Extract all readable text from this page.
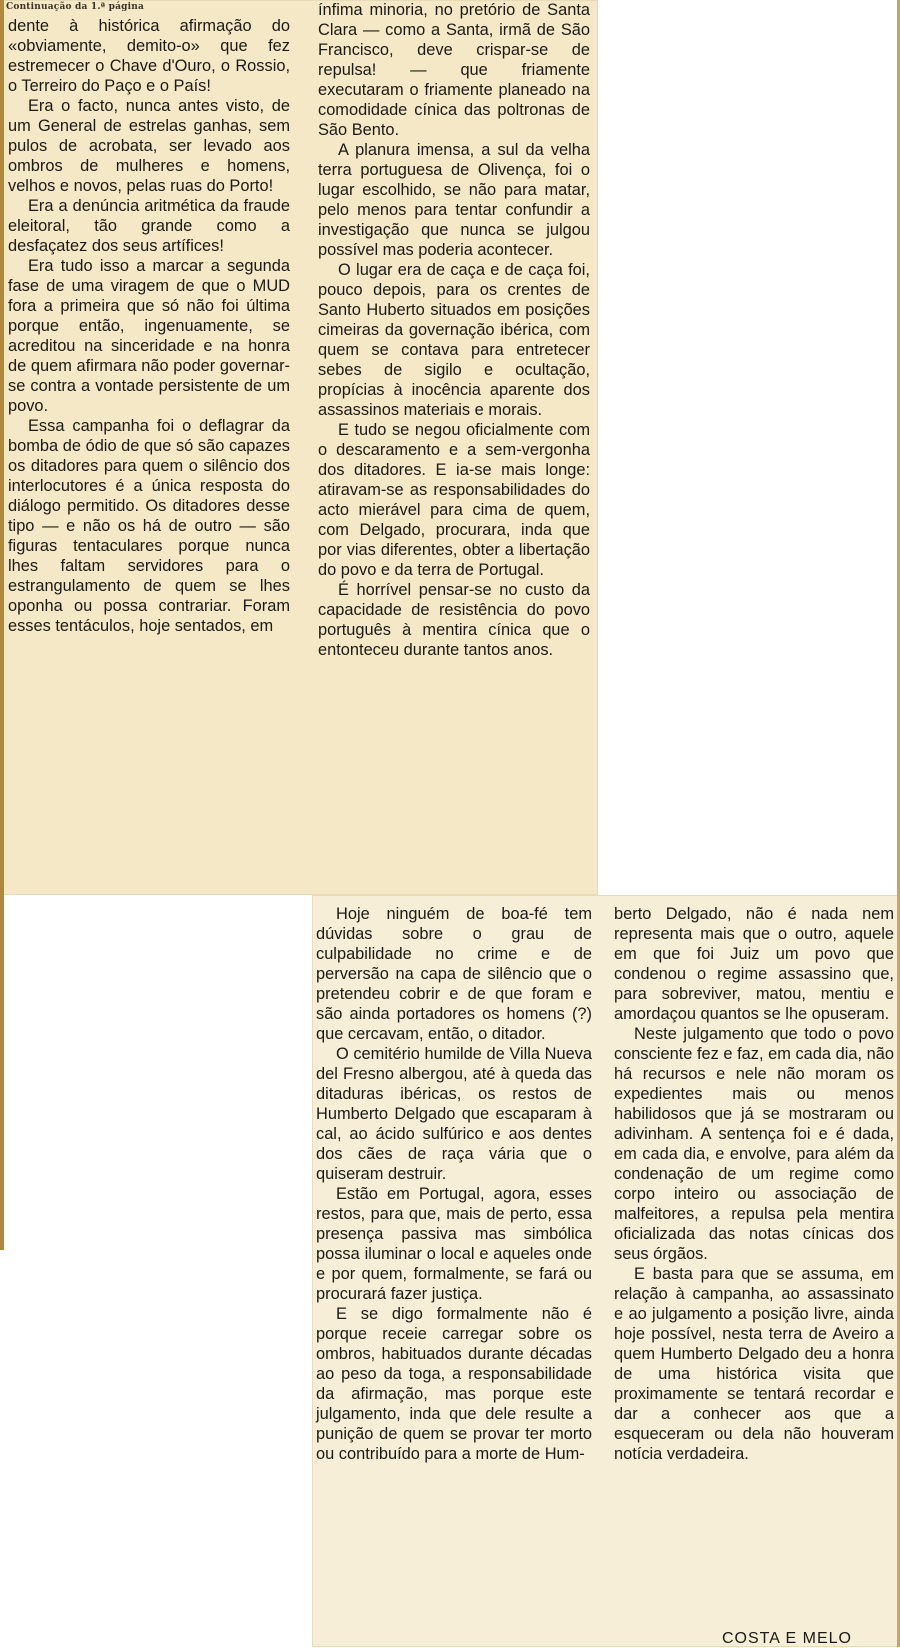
Continuação da 1.ª página

dente à histórica afirmação do «obviamente, demito-o» que fez estremecer o Chave d'Ouro, o Rossio, o Terreiro do Paço e o País!

Era o facto, nunca antes visto, de um General de estrelas ganhas, sem pulos de acrobata, ser levado aos ombros de mulheres e homens, velhos e novos, pelas ruas do Porto!

Era a denúncia aritmética da fraude eleitoral, tão grande como a desfaçatez dos seus artífices!

Era tudo isso a marcar a segunda fase de uma viragem de que o MUD fora a primeira que só não foi última porque então, ingenuamente, se acreditou na sinceridade e na honra de quem afirmara não poder governar-se contra a vontade persistente de um povo.

Essa campanha foi o deflagrar da bomba de ódio de que só são capazes os ditadores para quem o silêncio dos interlocutores é a única resposta do diálogo permitido. Os ditadores desse tipo — e não os há de outro — são figuras tentaculares porque nunca lhes faltam servidores para o estrangulamento de quem se lhes oponha ou possa contrariar. Foram esses tentáculos, hoje sentados, em

ínfima minoria, no pretório de Santa Clara — como a Santa, irmã de São Francisco, deve crispar-se de repulsa! — que friamente executaram o friamente planeado na comodidade cínica das poltronas de São Bento.

A planura imensa, a sul da velha terra portuguesa de Olivença, foi o lugar escolhido, se não para matar, pelo menos para tentar confundir a investigação que nunca se julgou possível mas poderia acontecer.

O lugar era de caça e de caça foi, pouco depois, para os crentes de Santo Huberto situados em posições cimeiras da governação ibérica, com quem se contava para entretecer sebes de sigilo e ocultação, propícias à inocência aparente dos assassinos materiais e morais.

E tudo se negou oficialmente com o descaramento e a sem-vergonha dos ditadores. E ia-se mais longe: atiravam-se as responsabilidades do acto mierável para cima de quem, com Delgado, procurara, inda que por vias diferentes, obter a libertação do povo e da terra de Portugal.

É horrível pensar-se no custo da capacidade de resistência do povo português à mentira cínica que o entonteceu durante tantos anos.

Hoje ninguém de boa-fé tem dúvidas sobre o grau de culpabilidade no crime e de perversão na capa de silêncio que o pretendeu cobrir e de que foram e são ainda portadores os homens (?) que cercavam, então, o ditador.

O cemitério humilde de Villa Nueva del Fresno albergou, até à queda das ditaduras ibéricas, os restos de Humberto Delgado que escaparam à cal, ao ácido sulfúrico e aos dentes dos cães de raça vária que o quiseram destruir.

Estão em Portugal, agora, esses restos, para que, mais de perto, essa presença passiva mas simbólica possa iluminar o local e aqueles onde e por quem, formalmente, se fará ou procurará fazer justiça.

E se digo formalmente não é porque receie carregar sobre os ombros, habituados durante décadas ao peso da toga, a responsabilidade da afirmação, mas porque este julgamento, inda que dele resulte a punição de quem se provar ter morto ou contribuído para a morte de Hum-

berto Delgado, não é nada nem representa mais que o outro, aquele em que foi Juiz um povo que condenou o regime assassino que, para sobreviver, matou, mentiu e amordaçou quantos se lhe opuseram.

Neste julgamento que todo o povo consciente fez e faz, em cada dia, não há recursos e nele não moram os expedientes mais ou menos habilidosos que já se mostraram ou adivinham. A sentença foi e é dada, em cada dia, e envolve, para além da condenação de um regime como corpo inteiro ou associação de malfeitores, a repulsa pela mentira oficializada das notas cínicas dos seus órgãos.

E basta para que se assuma, em relação à campanha, ao assassinato e ao julgamento a posição livre, ainda hoje possível, nesta terra de Aveiro a quem Humberto Delgado deu a honra de uma histórica visita que proximamente se tentará recordar e dar a conhecer aos que a esqueceram ou dela não houveram notícia verdadeira.

COSTA E MELO
